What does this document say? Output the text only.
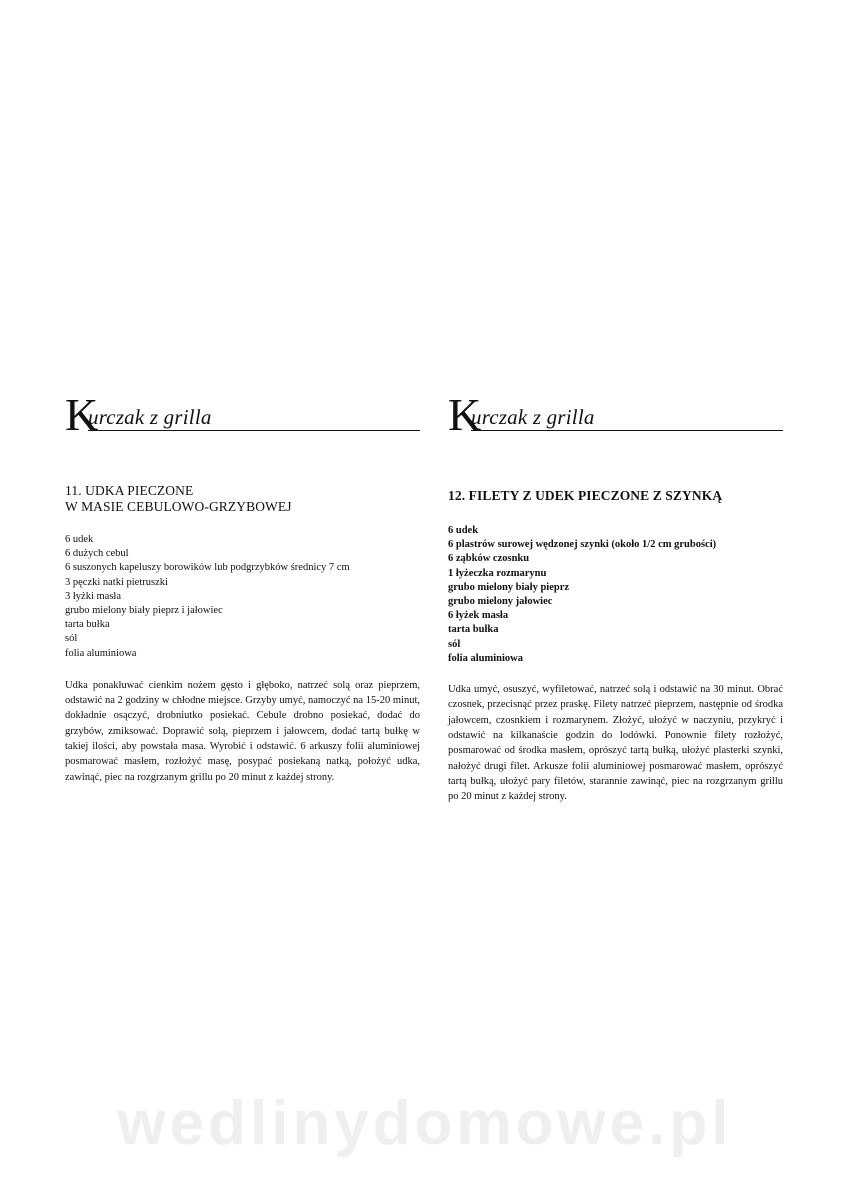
K
urczak z grilla
11. UDKA PIECZONE
W MASIE CEBULOWO-GRZYBOWEJ
6 udek
6 dużych cebul
6 suszonych kapeluszy borowików lub podgrzybków średnicy 7 cm
3 pęczki natki pietruszki
3 łyżki masła
grubo mielony biały pieprz i jałowiec
tarta bułka
sól
folia aluminiowa
Udka ponakłuwać cienkim nożem gęsto i głęboko, natrzeć solą oraz pieprzem, odstawić na 2 godziny w chłodne miejsce. Grzyby umyć, namoczyć na 15-20 minut, dokładnie osączyć, drobniutko posiekać. Cebule drobno posiekać, dodać do grzybów, zmiksować. Doprawić solą, pieprzem i jałowcem, dodać tartą bułkę w takiej ilości, aby powstała masa. Wyrobić i odstawić. 6 arkuszy folii aluminiowej posmarować masłem, rozłożyć masę, posypać posiekaną natką, położyć udka, zawinąć, piec na rozgrzanym grillu po 20 minut z każdej strony.
K
urczak z grilla
12. FILETY Z UDEK PIECZONE Z SZYNKĄ
6 udek
6 plastrów surowej wędzonej szynki (około 1/2 cm grubości)
6 ząbków czosnku
1 łyżeczka rozmarynu
grubo mielony biały pieprz
grubo mielony jałowiec
6 łyżek masła
tarta bułka
sól
folia aluminiowa
Udka umyć, osuszyć, wyfiletować, natrzeć solą i odstawić na 30 minut. Obrać czosnek, przecisnąć przez praskę. Filety natrzeć pieprzem, następnie od środka jałowcem, czosnkiem i rozmarynem. Złożyć, ułożyć w naczyniu, przykryć i odstawić na kilkanaście godzin do lodówki. Ponownie filety rozłożyć, posmarować od środka masłem, oprószyć tartą bułką, ułożyć plasterki szynki, nałożyć drugi filet. Arkusze folii aluminiowej posmarować masłem, oprószyć tartą bułką, ułożyć pary filetów, starannie zawinąć, piec na rozgrzanym grillu po 20 minut z każdej strony.
wedlinydomowe.pl
